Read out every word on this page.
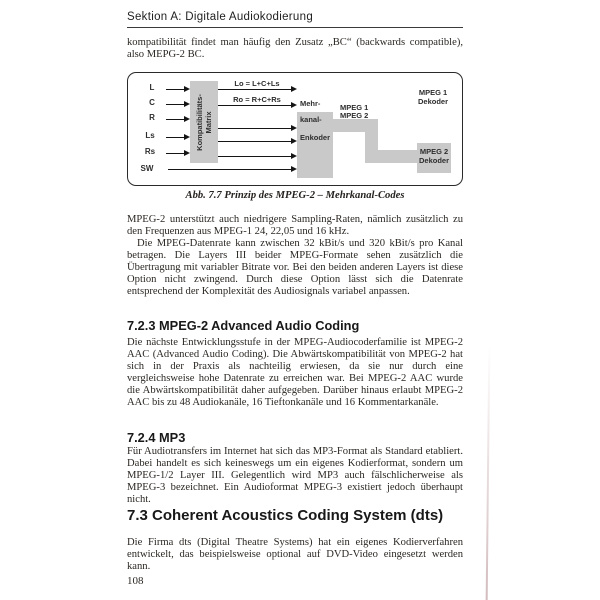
Sektion A: Digitale Audiokodierung
kompatibilität findet man häufig den Zusatz „BC“ (backwards compatible), also MEPG-2 BC.
L
C
R
Ls
Rs
SW
Kompatibilitäts- Matrix
Lo = L+C+Ls
Ro = R+C+Rs	Mehr-
kanal-
Enkoder
MPEG 1
MPEG 2
MPEG 1
Dekoder
MPEG 2
Dekoder
Abb. 7.7 Prinzip des MPEG-2 – Mehrkanal-Codes
MPEG-2 unterstützt auch niedrigere Sampling-Raten, nämlich zusätzlich zu den Frequenzen aus MPEG-1 24, 22,05 und 16 kHz.
Die MPEG-Datenrate kann zwischen 32 kBit/s und 320 kBit/s pro Kanal betragen. Die Layers III beider MPEG-Formate sehen zusätzlich die Übertragung mit variabler Bitrate vor. Bei den beiden anderen Layers ist diese Option nicht zwingend. Durch diese Option lässt sich die Datenrate entsprechend der Komplexität des Audiosignals variabel anpassen.
7.2.3 MPEG-2 Advanced Audio Coding
Die nächste Entwicklungsstufe in der MPEG-Audiocoderfamilie ist MPEG-2 AAC (Advanced Audio Coding). Die Abwärtskompatibilität von MPEG-2 hat sich in der Praxis als nachteilig erwiesen, da sie nur durch eine vergleichsweise hohe Datenrate zu erreichen war. Bei MPEG-2 AAC wurde die Abwärtskompatibilität daher aufgegeben. Darüber hinaus erlaubt MPEG-2 AAC bis zu 48 Audiokanäle, 16 Tieftonkanäle und 16 Kommentarkanäle.
7.2.4 MP3
Für Audiotransfers im Internet hat sich das MP3-Format als Standard etabliert. Dabei handelt es sich keineswegs um ein eigenes Kodierformat, sondern um MPEG-1/2 Layer III. Gelegentlich wird MP3 auch fälschlicherweise als MPEG-3 bezeichnet. Ein Audioformat MPEG-3 existiert jedoch überhaupt nicht.
7.3 Coherent Acoustics Coding System (dts)
Die Firma dts (Digital Theatre Systems) hat ein eigenes Kodierverfahren entwickelt, das beispielsweise optional auf DVD-Video eingesetzt werden kann.
108
